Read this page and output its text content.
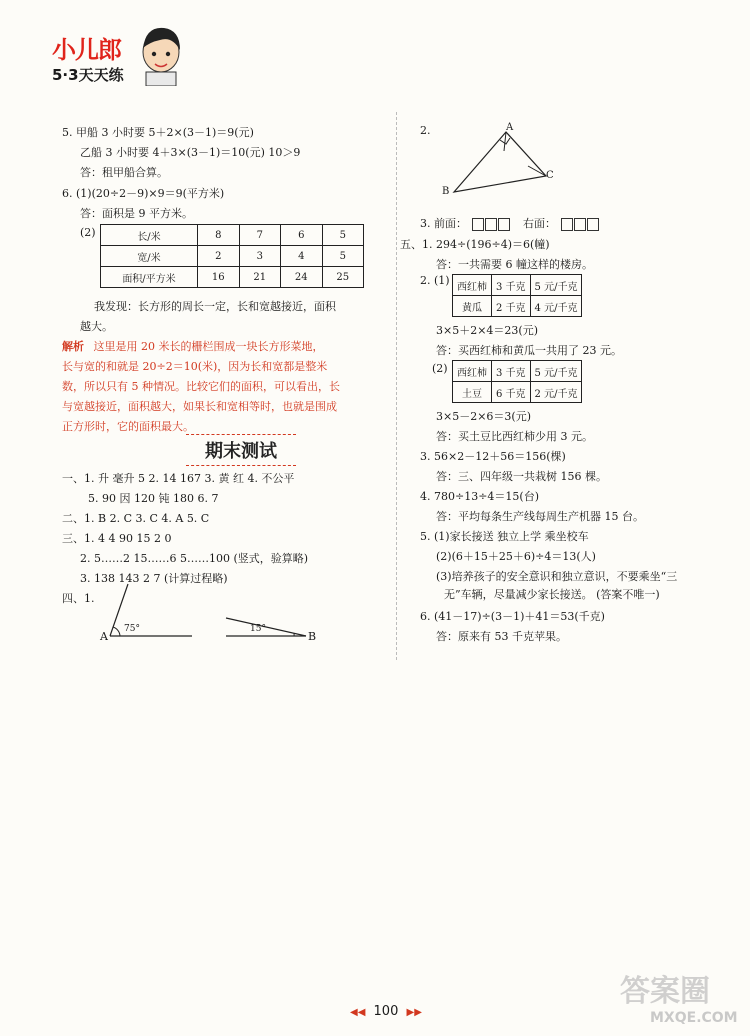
小儿郎
5·3天天练
5. 甲船 3 小时要 5＋2×(3－1)＝9(元)
乙船 3 小时要 4＋3×(3－1)＝10(元) 10＞9
答：租甲船合算。
6. (1)(20÷2－9)×9＝9(平方米)
答：面积是 9 平方米。
(2)	长/米	8	7	6	5
宽/米	2	3	4	5
面积/平方米	16	21	24	25
我发现：长方形的周长一定，长和宽越接近，面积
越大。
解析 这里是用 20 米长的栅栏围成一块长方形菜地，
长与宽的和就是 20÷2＝10(米)，因为长和宽都是整米
数，所以只有 5 种情况。比较它们的面积，可以看出，长
与宽越接近，面积越大，如果长和宽相等时，也就是围成
正方形时，它的面积最大。
期末测试
一、1. 升 毫升 5 2. 14 167 3. 黄 红 4. 不公平
5. 90 因 120 钝 180 6. 7
二、1. B 2. C 3. C 4. A 5. C
三、1. 4 4 90 15 2 0
2. 5……2 15……6 5……100 (竖式，验算略)
3. 138 143 2 7 (计算过程略)
四、1.
A
75°	15°
B
2.	A
B
C
3. 前面：	右面：
五、1. 294÷(196÷4)＝6(幢)
答：一共需要 6 幢这样的楼房。
2. (1) 西红柿	3 千克	5 元/千克
黄瓜	2 千克	4 元/千克
3×5＋2×4＝23(元)
答：买西红柿和黄瓜一共用了 23 元。
(2) 西红柿	3 千克	5 元/千克
土豆	6 千克	2 元/千克
3×5－2×6＝3(元)
答：买土豆比西红柿少用 3 元。
3. 56×2－12＋56＝156(棵)
答：三、四年级一共栽树 156 棵。
4. 780÷13÷4＝15(台)
答：平均每条生产线每周生产机器 15 台。
5. (1)家长接送 独立上学 乘坐校车
(2)(6＋15＋25＋6)÷4＝13(人)
(3)培养孩子的安全意识和独立意识，不要乘坐“三
无”车辆，尽量减少家长接送。 (答案不唯一)
6. (41－17)÷(3－1)＋41＝53(千克)
答：原来有 53 千克苹果。
◀◀ 100 ▶▶
答案圈
MXQE.COM
